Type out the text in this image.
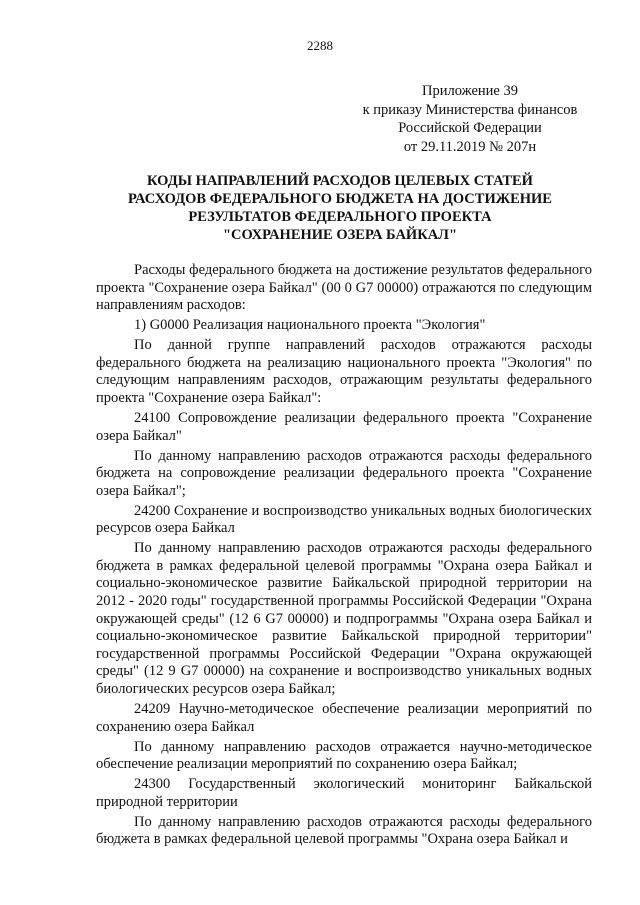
2288
Приложение 39
к приказу Министерства финансов
Российской Федерации
от 29.11.2019 № 207н
КОДЫ НАПРАВЛЕНИЙ РАСХОДОВ ЦЕЛЕВЫХ СТАТЕЙ
РАСХОДОВ ФЕДЕРАЛЬНОГО БЮДЖЕТА НА ДОСТИЖЕНИЕ
РЕЗУЛЬТАТОВ ФЕДЕРАЛЬНОГО ПРОЕКТА
"СОХРАНЕНИЕ ОЗЕРА БАЙКАЛ"

Расходы федерального бюджета на достижение результатов федерального проекта "Сохранение озера Байкал" (00 0 G7 00000) отражаются по следующим направлениям расходов:

1) G0000 Реализация национального проекта "Экология"

По данной группе направлений расходов отражаются расходы федерального бюджета на реализацию национального проекта "Экология" по следующим направлениям расходов, отражающим результаты федерального проекта "Сохранение озера Байкал":

24100 Сопровождение реализации федерального проекта "Сохранение озера Байкал"

По данному направлению расходов отражаются расходы федерального бюджета на сопровождение реализации федерального проекта "Сохранение озера Байкал";

24200 Сохранение и воспроизводство уникальных водных биологических ресурсов озера Байкал

По данному направлению расходов отражаются расходы федерального бюджета в рамках федеральной целевой программы "Охрана озера Байкал и социально-экономическое развитие Байкальской природной территории на 2012 - 2020 годы" государственной программы Российской Федерации "Охрана окружающей среды" (12 6 G7 00000) и подпрограммы "Охрана озера Байкал и социально-экономическое развитие Байкальской природной территории" государственной программы Российской Федерации "Охрана окружающей среды" (12 9 G7 00000) на сохранение и воспроизводство уникальных водных биологических ресурсов озера Байкал;

24209 Научно-методическое обеспечение реализации мероприятий по сохранению озера Байкал

По данному направлению расходов отражается научно-методическое обеспечение реализации мероприятий по сохранению озера Байкал;

24300 Государственный экологический мониторинг Байкальской природной территории

По данному направлению расходов отражаются расходы федерального бюджета в рамках федеральной целевой программы "Охрана озера Байкал и
